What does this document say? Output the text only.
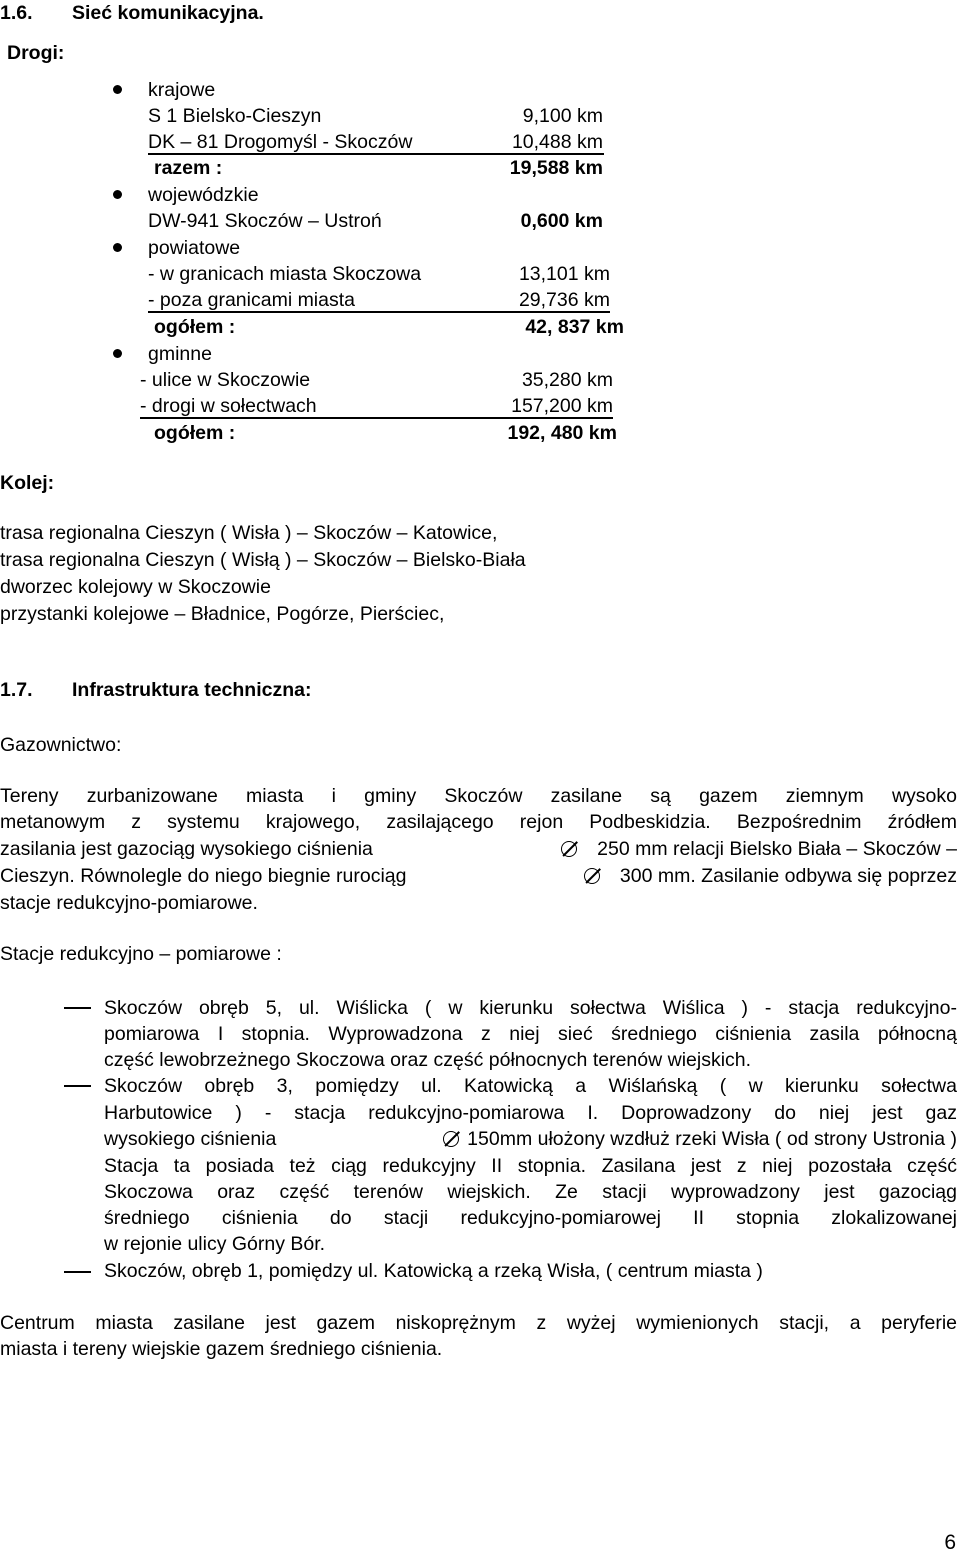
1.6. Sieć komunikacyjna.
Drogi:
krajowe
S 1 Bielsko-Cieszyn	9,100 km
DK – 81 Drogomyśl - Skoczów	10,488 km
razem :	19,588 km
wojewódzkie
DW-941 Skoczów – Ustroń	0,600 km
powiatowe
- w granicach miasta Skoczowa	13,101 km
- poza granicami miasta	29,736 km
ogółem :	42, 837 km
gminne
- ulice w Skoczowie	35,280 km
- drogi w sołectwach	157,200 km
ogółem :	192, 480 km
Kolej:
trasa regionalna Cieszyn ( Wisła ) – Skoczów – Katowice,
trasa regionalna Cieszyn ( Wisłą ) – Skoczów – Bielsko-Biała
dworzec kolejowy w Skoczowie
przystanki kolejowe – Bładnice, Pogórze, Pierściec,
1.7. Infrastruktura techniczna:
Gazownictwo:
Tereny zurbanizowane miasta i gminy Skoczów zasilane są gazem ziemnym wysoko
metanowym z systemu krajowego, zasilającego rejon Podbeskidzia. Bezpośrednim źródłem
zasilania jest gazociąg wysokiego ciśnienia	250 mm relacji Bielsko Biała – Skoczów –
Cieszyn. Równolegle do niego biegnie rurociąg	300 mm. Zasilanie odbywa się poprzez
stacje redukcyjno-pomiarowe.
Stacje redukcyjno – pomiarowe :
Skoczów obręb 5, ul. Wiślicka ( w kierunku sołectwa Wiślica ) - stacja redukcyjno-
pomiarowa I stopnia. Wyprowadzona z niej sieć średniego ciśnienia zasila północną
część lewobrzeżnego Skoczowa oraz część północnych terenów wiejskich.
Skoczów obręb 3, pomiędzy ul. Katowicką a Wiślańską ( w kierunku sołectwa
Harbutowice ) - stacja redukcyjno-pomiarowa I. Doprowadzony do niej jest gaz
wysokiego ciśnienia	150mm ułożony wzdłuż rzeki Wisła ( od strony Ustronia )
Stacja ta posiada też ciąg redukcyjny II stopnia. Zasilana jest z niej pozostała część
Skoczowa oraz część terenów wiejskich. Ze stacji wyprowadzony jest gazociąg
średniego ciśnienia do stacji redukcyjno-pomiarowej II stopnia zlokalizowanej
w rejonie ulicy Górny Bór.
Skoczów, obręb 1, pomiędzy ul. Katowicką a rzeką Wisła, ( centrum miasta )
Centrum miasta zasilane jest gazem niskoprężnym z wyżej wymienionych stacji, a peryferie
miasta i tereny wiejskie gazem średniego ciśnienia.
6
